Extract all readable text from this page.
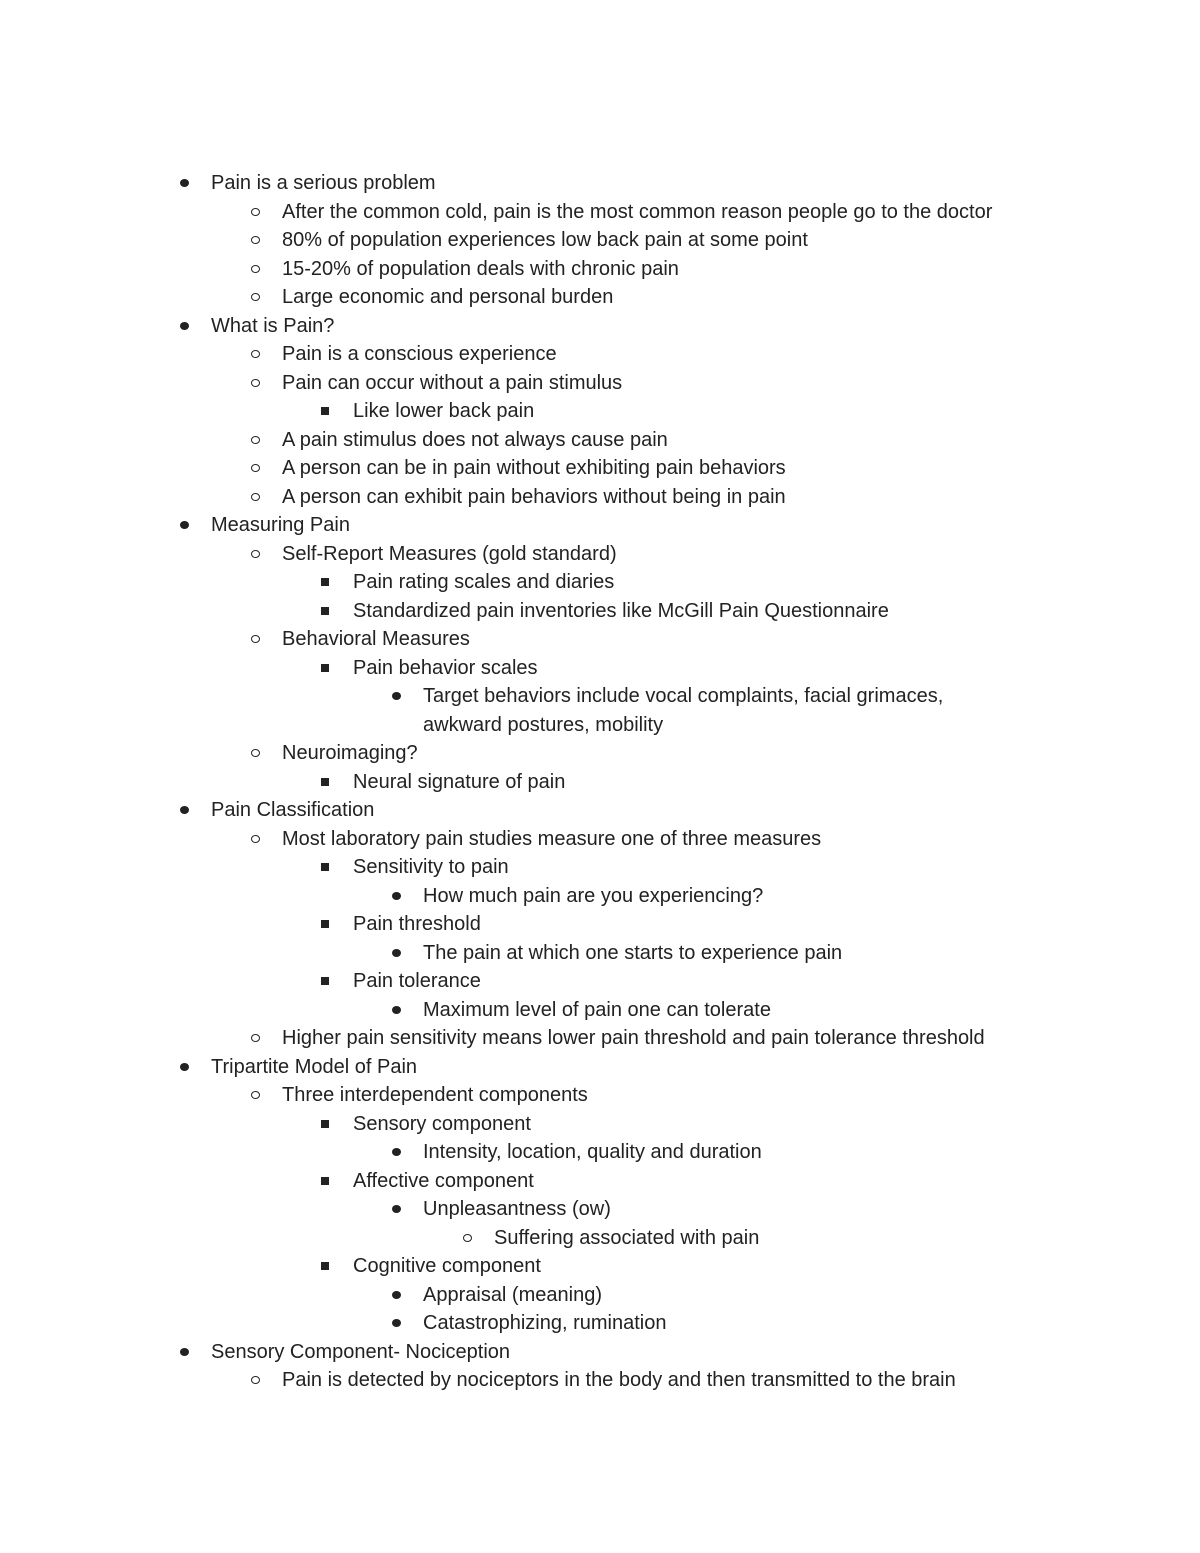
Pain is a serious problem
After the common cold, pain is the most common reason people go to the doctor
80% of population experiences low back pain at some point
15-20% of population deals with chronic pain
Large economic and personal burden
What is Pain?
Pain is a conscious experience
Pain can occur without a pain stimulus
Like lower back pain
A pain stimulus does not always cause pain
A person can be in pain without exhibiting pain behaviors
A person can exhibit pain behaviors without being in pain
Measuring Pain
Self-Report Measures (gold standard)
Pain rating scales and diaries
Standardized pain inventories like McGill Pain Questionnaire
Behavioral Measures
Pain behavior scales
Target behaviors include vocal complaints, facial grimaces, awkward postures, mobility
Neuroimaging?
Neural signature of pain
Pain Classification
Most laboratory pain studies measure one of three measures
Sensitivity to pain
How much pain are you experiencing?
Pain threshold
The pain at which one starts to experience pain
Pain tolerance
Maximum level of pain one can tolerate
Higher pain sensitivity means lower pain threshold and pain tolerance threshold
Tripartite Model of Pain
Three interdependent components
Sensory component
Intensity, location, quality and duration
Affective component
Unpleasantness (ow)
Suffering associated with pain
Cognitive component
Appraisal (meaning)
Catastrophizing, rumination
Sensory Component- Nociception
Pain is detected by nociceptors in the body and then transmitted to the brain
